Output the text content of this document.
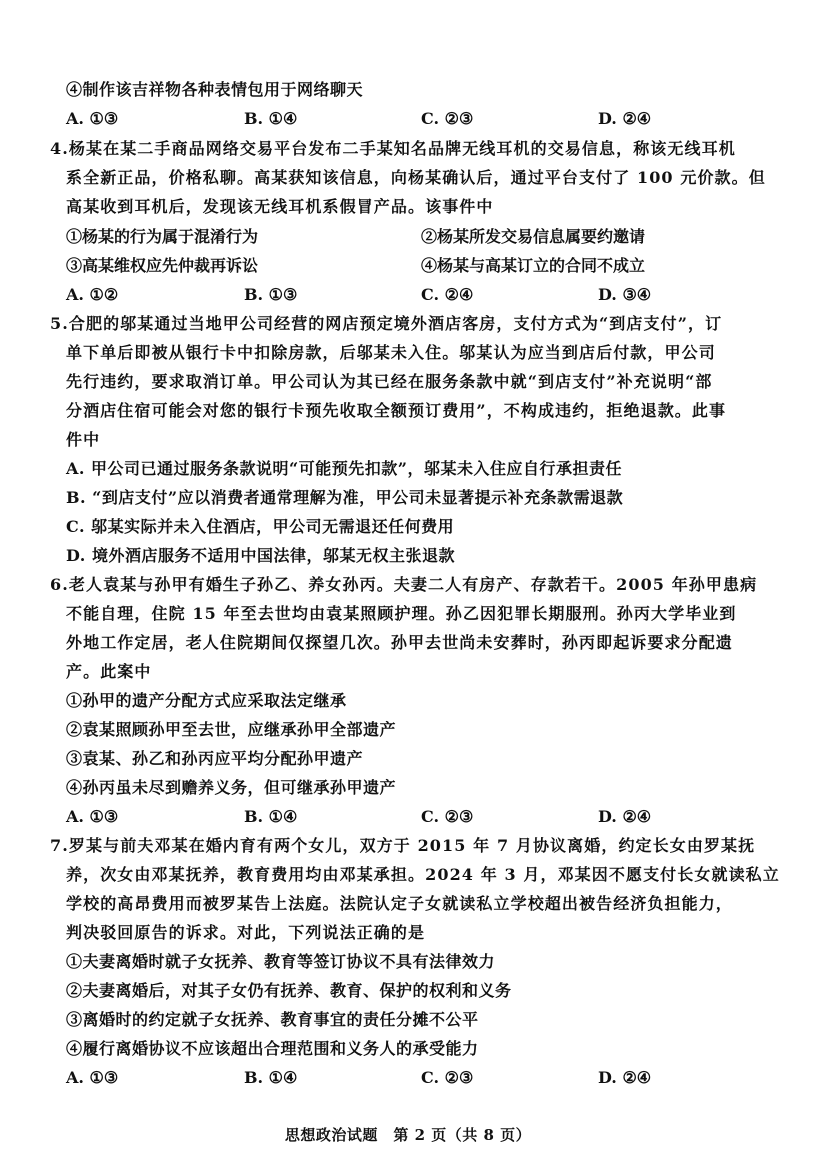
④制作该吉祥物各种表情包用于网络聊天
A. ①③	B. ①④	C. ②③	D. ②④
4.杨某在某二手商品网络交易平台发布二手某知名品牌无线耳机的交易信息，称该无线耳机
系全新正品，价格私聊。高某获知该信息，向杨某确认后，通过平台支付了 100 元价款。但
高某收到耳机后，发现该无线耳机系假冒产品。该事件中
①杨某的行为属于混淆行为	②杨某所发交易信息属要约邀请
③高某维权应先仲裁再诉讼	④杨某与高某订立的合同不成立
A. ①②	B. ①③	C. ②④	D. ③④
5.合肥的邬某通过当地甲公司经营的网店预定境外酒店客房，支付方式为“到店支付”，订
单下单后即被从银行卡中扣除房款，后邬某未入住。邬某认为应当到店后付款，甲公司
先行违约，要求取消订单。甲公司认为其已经在服务条款中就“到店支付”补充说明“部
分酒店住宿可能会对您的银行卡预先收取全额预订费用”，不构成违约，拒绝退款。此事
件中
A. 甲公司已通过服务条款说明“可能预先扣款”，邬某未入住应自行承担责任
B. “到店支付”应以消费者通常理解为准，甲公司未显著提示补充条款需退款
C. 邬某实际并未入住酒店，甲公司无需退还任何费用
D. 境外酒店服务不适用中国法律，邬某无权主张退款
6.老人袁某与孙甲有婚生子孙乙、养女孙丙。夫妻二人有房产、存款若干。2005 年孙甲患病
不能自理，住院 15 年至去世均由袁某照顾护理。孙乙因犯罪长期服刑。孙丙大学毕业到
外地工作定居，老人住院期间仅探望几次。孙甲去世尚未安葬时，孙丙即起诉要求分配遗
产。此案中
①孙甲的遗产分配方式应采取法定继承
②袁某照顾孙甲至去世，应继承孙甲全部遗产
③袁某、孙乙和孙丙应平均分配孙甲遗产
④孙丙虽未尽到赡养义务，但可继承孙甲遗产
A. ①③	B. ①④	C. ②③	D. ②④
7.罗某与前夫邓某在婚内育有两个女儿，双方于 2015 年 7 月协议离婚，约定长女由罗某抚
养，次女由邓某抚养，教育费用均由邓某承担。2024 年 3 月，邓某因不愿支付长女就读私立
学校的高昂费用而被罗某告上法庭。法院认定子女就读私立学校超出被告经济负担能力，
判决驳回原告的诉求。对此，下列说法正确的是
①夫妻离婚时就子女抚养、教育等签订协议不具有法律效力
②夫妻离婚后，对其子女仍有抚养、教育、保护的权利和义务
③离婚时的约定就子女抚养、教育事宜的责任分摊不公平
④履行离婚协议不应该超出合理范围和义务人的承受能力
A. ①③	B. ①④	C. ②③	D. ②④
思想政治试题　第 2 页（共 8 页）
